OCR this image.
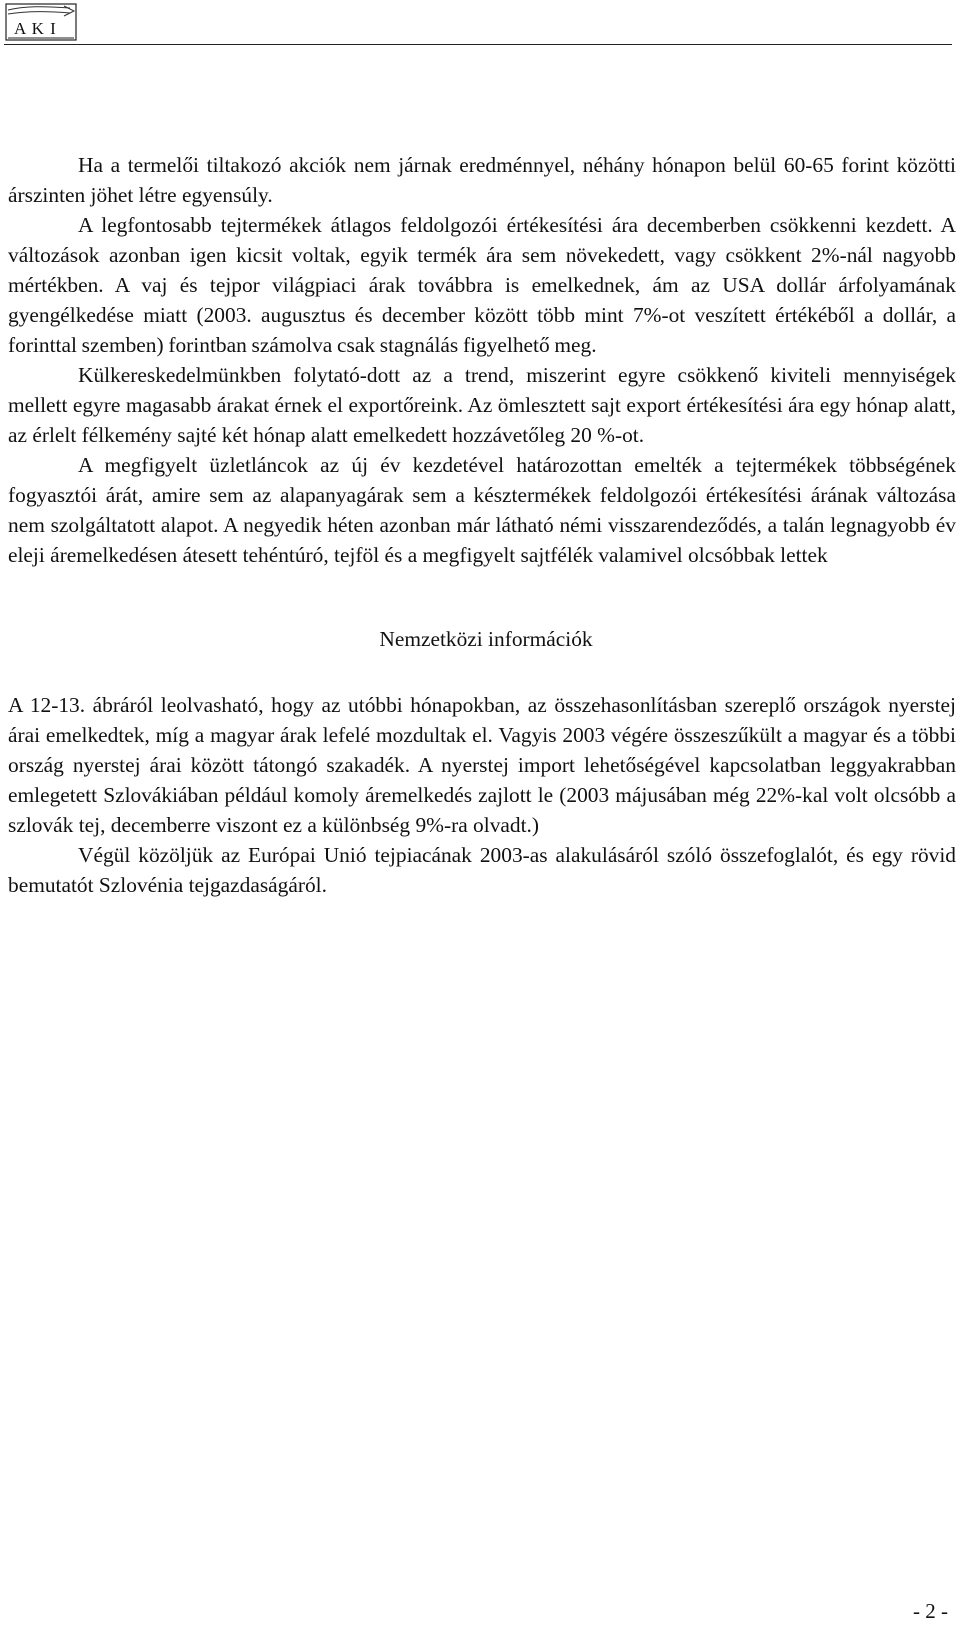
A K I

Ha a termelői tiltakozó akciók nem járnak eredménnyel, néhány hónapon belül 60-65 forint közötti árszinten jöhet létre egyensúly.

A legfontosabb tejtermékek átlagos feldolgozói értékesítési ára decemberben csökkenni kezdett. A változások azonban igen kicsit voltak, egyik termék ára sem növekedett, vagy csökkent 2%-nál nagyobb mértékben. A vaj és tejpor világpiaci árak továbbra is emelkednek, ám az USA dollár árfolyamának gyengélkedése miatt (2003. augusztus és december között több mint 7%-ot veszített értékéből a dollár, a forinttal szemben) forintban számolva csak stagnálás figyelhető meg.

Külkereskedelmünkben folytató-dott az a trend, miszerint egyre csökkenő kiviteli mennyiségek mellett egyre magasabb árakat érnek el exportőreink. Az ömlesztett sajt export értékesítési ára egy hónap alatt, az érlelt félkemény sajté két hónap alatt emelkedett hozzávetőleg 20 %-ot.

A megfigyelt üzletláncok az új év kezdetével határozottan emelték a tejtermékek többségének fogyasztói árát, amire sem az alapanyagárak sem a késztermékek feldolgozói értékesítési árának változása nem szolgáltatott alapot. A negyedik héten azonban már látható némi visszarendeződés, a talán legnagyobb év eleji áremelkedésen átesett tehéntúró, tejföl és a megfigyelt sajtfélék valamivel olcsóbbak lettek

Nemzetközi információk

A 12-13. ábráról leolvasható, hogy az utóbbi hónapokban, az összehasonlításban szereplő országok nyerstej árai emelkedtek, míg a magyar árak lefelé mozdultak el. Vagyis 2003 végére összeszűkült a magyar és a többi ország nyerstej árai között tátongó szakadék. A nyerstej import lehetőségével kapcsolatban leggyakrabban emlegetett Szlovákiában például komoly áremelkedés zajlott le (2003 májusában még 22%-kal volt olcsóbb a szlovák tej, decemberre viszont ez a különbség 9%-ra olvadt.)

Végül közöljük az Európai Unió tejpiacának 2003-as alakulásáról szóló összefoglalót, és egy rövid bemutatót Szlovénia tejgazdaságáról.

- 2 -
